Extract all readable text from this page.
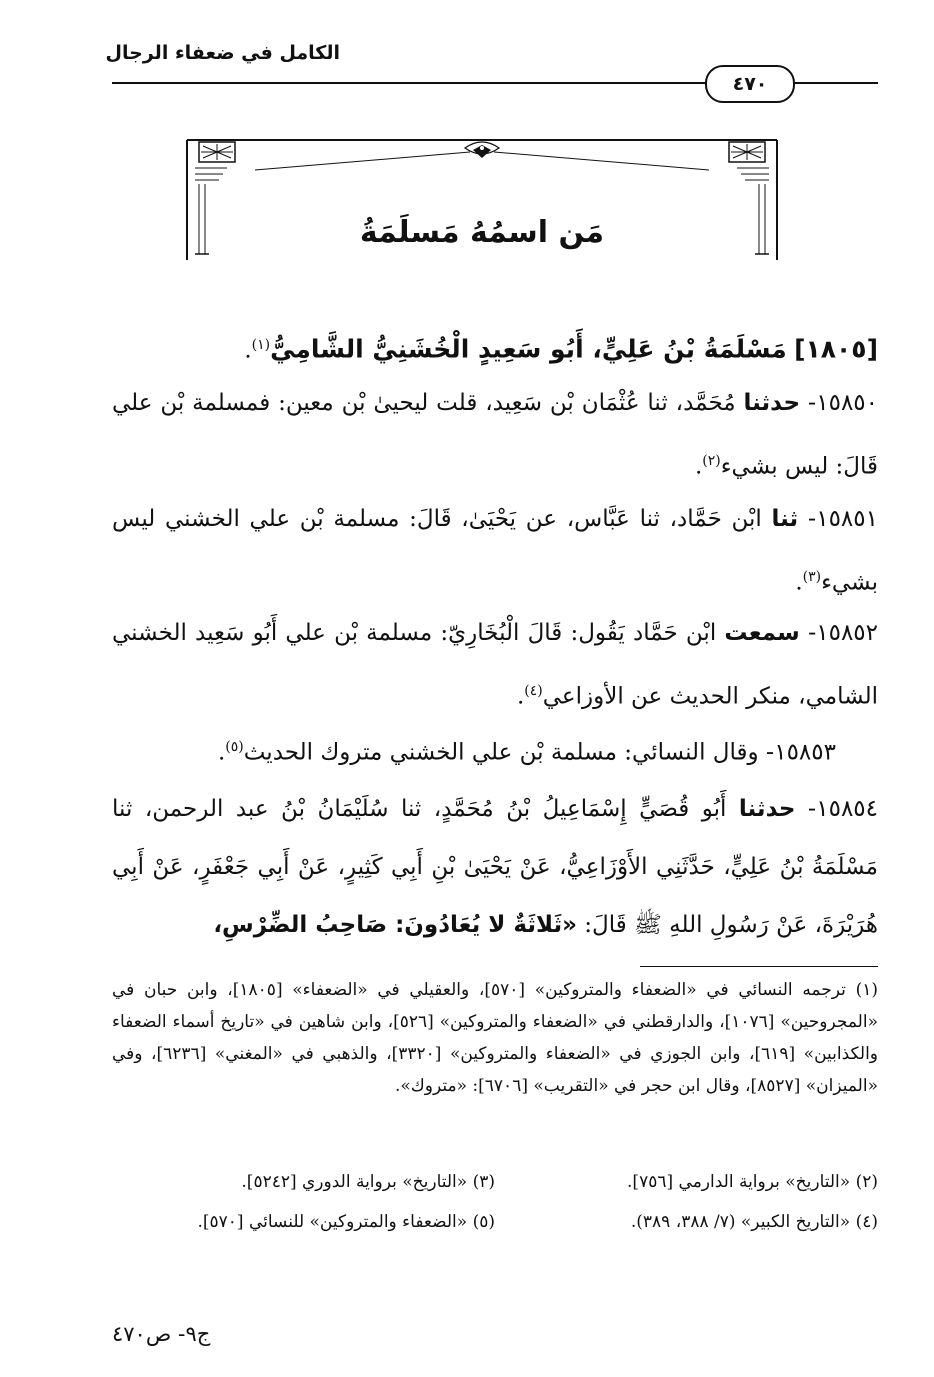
الكامل في ضعفاء الرجال
٤٧٠
مَن اسمُهُ مَسلَمَةُ
[١٨٠٥] مَسْلَمَةُ بْنُ عَلِيٍّ، أَبُو سَعِيدٍ الْخُشَنِيُّ الشَّامِيُّ$^{(١)}$.
١٥٨٥٠- حدثنا مُحَمَّد، ثنا عُثْمَان بْن سَعِيد، قلت ليحيىٰ بْن معين: فمسلمة بْن علي قَالَ: ليس بشيء$^{(٢)}$.
١٥٨٥١- ثنا ابْن حَمَّاد، ثنا عَبَّاس، عن يَحْيَىٰ، قَالَ: مسلمة بْن علي الخشني ليس بشيء$^{(٣)}$.
١٥٨٥٢- سمعت ابْن حَمَّاد يَقُول: قَالَ الْبُخَارِيّ: مسلمة بْن علي أَبُو سَعِيد الخشني الشامي، منكر الحديث عن الأوزاعي$^{(٤)}$.
١٥٨٥٣- وقال النسائي: مسلمة بْن علي الخشني متروك الحديث$^{(٥)}$.
١٥٨٥٤- حدثنا أَبُو قُصَيٍّ إِسْمَاعِيلُ بْنُ مُحَمَّدٍ، ثنا سُلَيْمَانُ بْنُ عبد الرحمن، ثنا مَسْلَمَةُ بْنُ عَلِيٍّ، حَدَّثَنِي الأَوْزَاعِيُّ، عَنْ يَحْيَىٰ بْنِ أَبِي كَثِيرٍ، عَنْ أَبِي جَعْفَرٍ، عَنْ أَبِي هُرَيْرَةَ، عَنْ رَسُولِ اللهِ ﷺ قَالَ: «ثَلاثَةٌ لا يُعَادُونَ: صَاحِبُ الضِّرْسِ،
(١) ترجمه النسائي في «الضعفاء والمتروكين» [٥٧٠]، والعقيلي في «الضعفاء» [١٨٠٥]، وابن حبان في «المجروحين» [١٠٧٦]، والدارقطني في «الضعفاء والمتروكين» [٥٢٦]، وابن شاهين في «تاريخ أسماء الضعفاء والكذابين» [٦١٩]، وابن الجوزي في «الضعفاء والمتروكين» [٣٣٢٠]، والذهبي في «المغني» [٦٢٣٦]، وفي «الميزان» [٨٥٢٧]، وقال ابن حجر في «التقريب» [٦٧٠٦]: «متروك».
(٢) «التاريخ» برواية الدارمي [٧٥٦].
(٣) «التاريخ» برواية الدوري [٥٢٤٢].
(٤) «التاريخ الكبير» (٧/ ٣٨٨، ٣٨٩).
(٥) «الضعفاء والمتروكين» للنسائي [٥٧٠].
ج٩- ص٤٧٠
